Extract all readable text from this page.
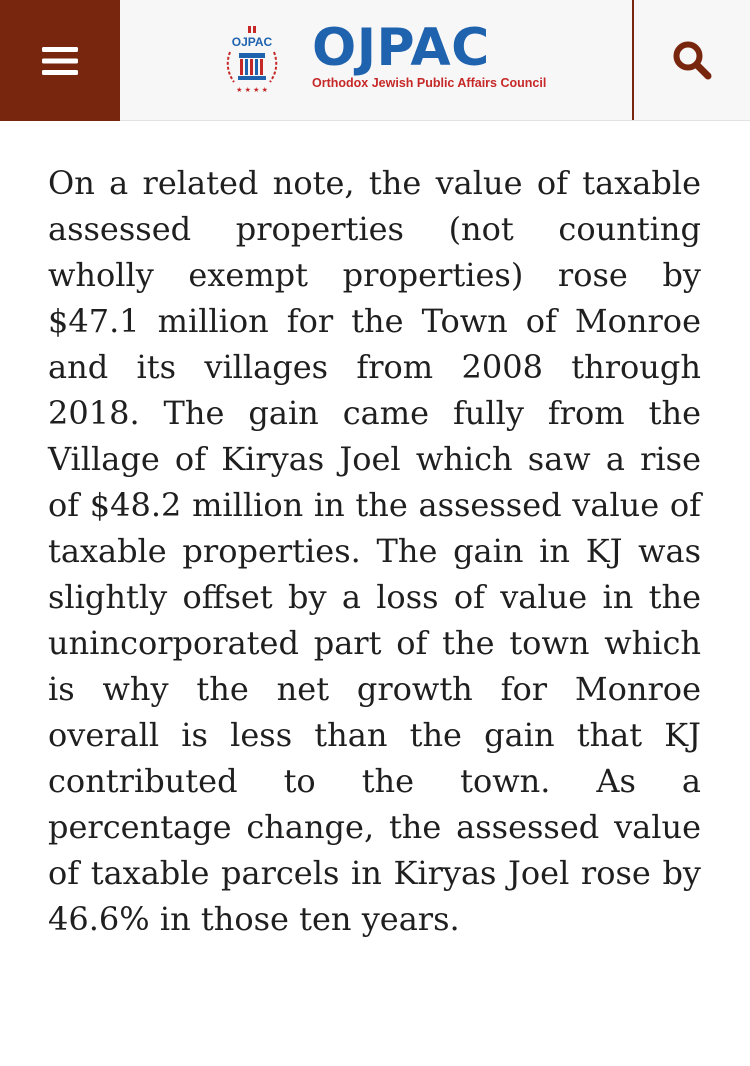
OJPAC
★ ★ ★ ★
OJPAC
Orthodox Jewish Public Affairs Council

On a related note, the value of taxable assessed properties (not counting wholly exempt properties) rose by $47.1 million for the Town of Monroe and its villages from 2008 through 2018. The gain came fully from the Village of Kiryas Joel which saw a rise of $48.2 million in the assessed value of taxable properties. The gain in KJ was slightly offset by a loss of value in the unincorporated part of the town which is why the net growth for Monroe overall is less than the gain that KJ contributed to the town. As a percentage change, the assessed value of taxable parcels in Kiryas Joel rose by 46.6% in those ten years.
